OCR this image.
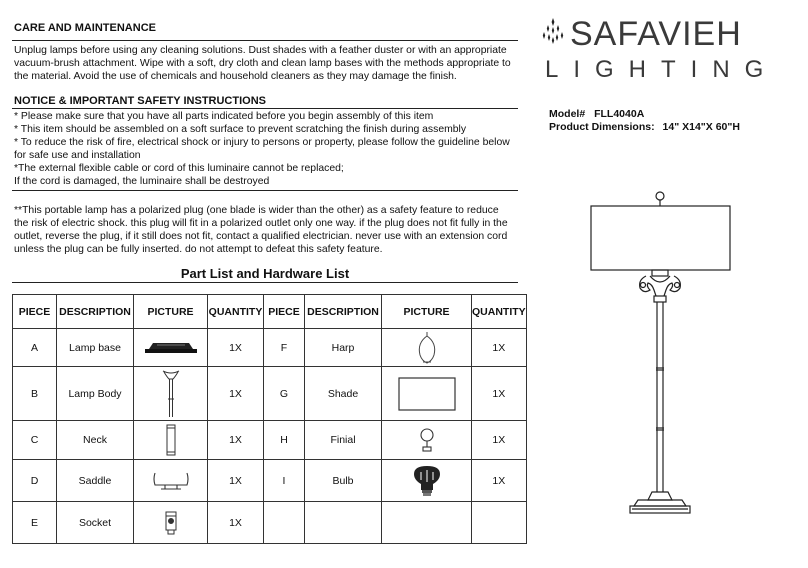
CARE AND MAINTENANCE
Unplug lamps before using any cleaning solutions. Dust shades with a feather duster or with an appropriate
vacuum-brush attachment. Wipe with a soft, dry cloth and clean lamp bases with the methods appropriate to
the material. Avoid the use of chemicals and household cleaners as they may damage the finish.
NOTICE & IMPORTANT SAFETY INSTRUCTIONS
* Please make sure that you have all parts indicated before you begin assembly of this item
* This item should be assembled on a soft surface to prevent scratching the finish during assembly
* To reduce the risk of fire, electrical shock or injury to persons or property, please follow the guideline below
for safe use and installation
*The external flexible cable or cord of this luminaire cannot be replaced;
If the cord is damaged, the luminaire shall be destroyed
**This portable lamp has a polarized plug (one blade is wider than the other) as a safety feature to reduce
the risk of electric shock. this plug will fit in a polarized outlet only one way. if the plug does not fit fully in the
outlet, reverse the plug, if it still does not fit, contact a qualified electrician. never use with an extension cord
unless the plug can be fully inserted. do not attempt to defeat this safety feature.
Part List and Hardware List
SAFAVIEH
LIGHTING
Model# FLL4040A
Product Dimensions: 14" X14"X 60"H
PIECE	DESCRIPTION	PICTURE	QUANTITY	PIECE	DESCRIPTION	PICTURE	QUANTITY
A	Lamp base		1X	F	Harp		1X
B	Lamp Body		1X	G	Shade		1X
C	Neck		1X	H	Finial		1X
D	Saddle		1X	I	Bulb		1X
E	Socket		1X				
